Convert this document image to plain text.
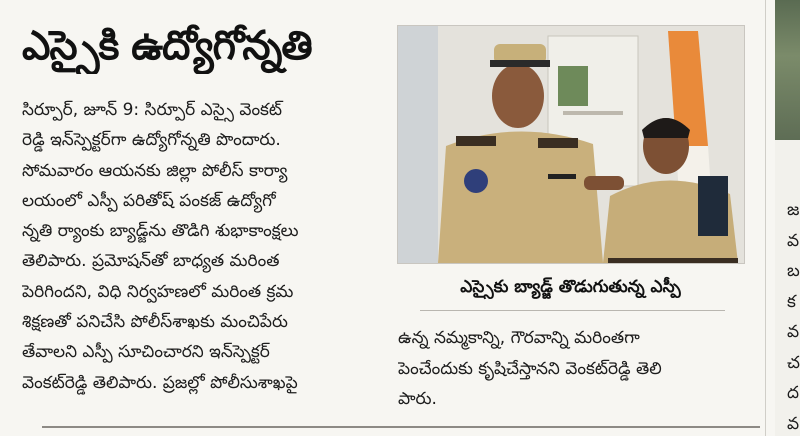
ఎస్సైకి ఉద్యోగోన్నతి
సిర్పూర్, జూన్ 9: సిర్పూర్ ఎస్సై వెంకట్
రెడ్డి ఇన్‌స్పెక్టర్‌గా ఉద్యోగోన్నతి పొందారు.
సోమవారం ఆయనకు జిల్లా పోలీస్ కార్యా
లయంలో ఎస్పీ పరితోష్ పంకజ్ ఉద్యోగో
న్నతి ర్యాంకు బ్యాడ్జ్‌ను తొడిగి శుభాకాంక్షలు
తెలిపారు. ప్రమోషన్‌తో బాధ్యత మరింత
పెరిగిందని, విధి నిర్వహణలో మరింత క్రమ
శిక్షణతో పనిచేసి పోలీస్‌శాఖకు మంచిపేరు
తేవాలని ఎస్పీ సూచించారని ఇన్‌స్పెక్టర్
వెంకట్‌రెడ్డి తెలిపారు. ప్రజల్లో పోలీసుశాఖపై
ఎస్సైకు బ్యాడ్జ్ తొడుగుతున్న ఎస్పీ
ఉన్న నమ్మకాన్ని, గౌరవాన్ని మరింతగా
పెంచేందుకు కృషిచేస్తానని వెంకట్‌రెడ్డి తెలి
పారు.
జ
వ
బ
క
వ
చ
ద
వ
